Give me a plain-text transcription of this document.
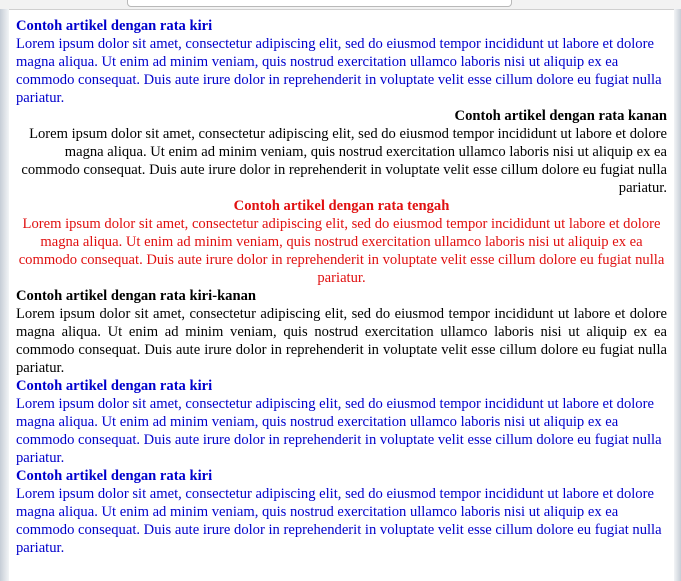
Contoh artikel dengan rata kiri

Lorem ipsum dolor sit amet, consectetur adipiscing elit, sed do eiusmod tempor incididunt ut labore et dolore magna aliqua. Ut enim ad minim veniam, quis nostrud exercitation ullamco laboris nisi ut aliquip ex ea commodo consequat. Duis aute irure dolor in reprehenderit in voluptate velit esse cillum dolore eu fugiat nulla pariatur.

Contoh artikel dengan rata kanan

Lorem ipsum dolor sit amet, consectetur adipiscing elit, sed do eiusmod tempor incididunt ut labore et dolore magna aliqua. Ut enim ad minim veniam, quis nostrud exercitation ullamco laboris nisi ut aliquip ex ea commodo consequat. Duis aute irure dolor in reprehenderit in voluptate velit esse cillum dolore eu fugiat nulla pariatur.

Contoh artikel dengan rata tengah

Lorem ipsum dolor sit amet, consectetur adipiscing elit, sed do eiusmod tempor incididunt ut labore et dolore magna aliqua. Ut enim ad minim veniam, quis nostrud exercitation ullamco laboris nisi ut aliquip ex ea commodo consequat. Duis aute irure dolor in reprehenderit in voluptate velit esse cillum dolore eu fugiat nulla pariatur.

Contoh artikel dengan rata kiri-kanan

Lorem ipsum dolor sit amet, consectetur adipiscing elit, sed do eiusmod tempor incididunt ut labore et dolore magna aliqua. Ut enim ad minim veniam, quis nostrud exercitation ullamco laboris nisi ut aliquip ex ea commodo consequat. Duis aute irure dolor in reprehenderit in voluptate velit esse cillum dolore eu fugiat nulla pariatur.

Contoh artikel dengan rata kiri

Lorem ipsum dolor sit amet, consectetur adipiscing elit, sed do eiusmod tempor incididunt ut labore et dolore magna aliqua. Ut enim ad minim veniam, quis nostrud exercitation ullamco laboris nisi ut aliquip ex ea commodo consequat. Duis aute irure dolor in reprehenderit in voluptate velit esse cillum dolore eu fugiat nulla pariatur.

Contoh artikel dengan rata kiri

Lorem ipsum dolor sit amet, consectetur adipiscing elit, sed do eiusmod tempor incididunt ut labore et dolore magna aliqua. Ut enim ad minim veniam, quis nostrud exercitation ullamco laboris nisi ut aliquip ex ea commodo consequat. Duis aute irure dolor in reprehenderit in voluptate velit esse cillum dolore eu fugiat nulla pariatur.
